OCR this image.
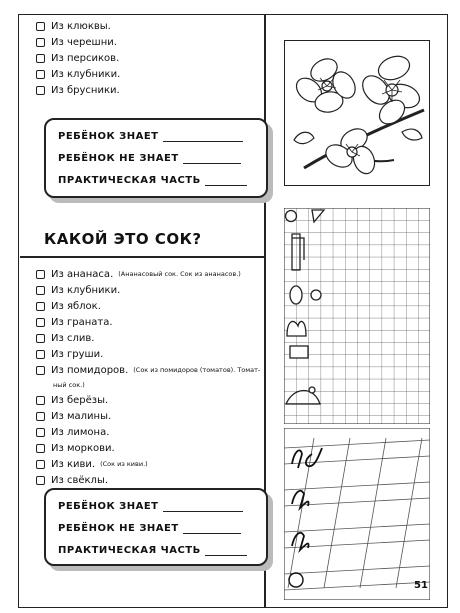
Из клюквы.
Из черешни.
Из персиков.
Из клубники.
Из брусники.
РЕБЁНОК ЗНАЕТ
РЕБЁНОК НЕ ЗНАЕТ
ПРАКТИЧЕСКАЯ ЧАСТЬ
КАКОЙ ЭТО СОК?
Из ананаса. (Ананасовый сок. Сок из ананасов.)
Из клубники.
Из яблок.
Из граната.
Из слив.
Из груши.
Из помидоров. (Сок из помидоров (томатов). Томат-
ный сок.)
Из берёзы.
Из малины.
Из лимона.
Из моркови.
Из киви. (Сок из киви.)
Из свёклы.
РЕБЁНОК ЗНАЕТ
РЕБЁНОК НЕ ЗНАЕТ
ПРАКТИЧЕСКАЯ ЧАСТЬ
51
